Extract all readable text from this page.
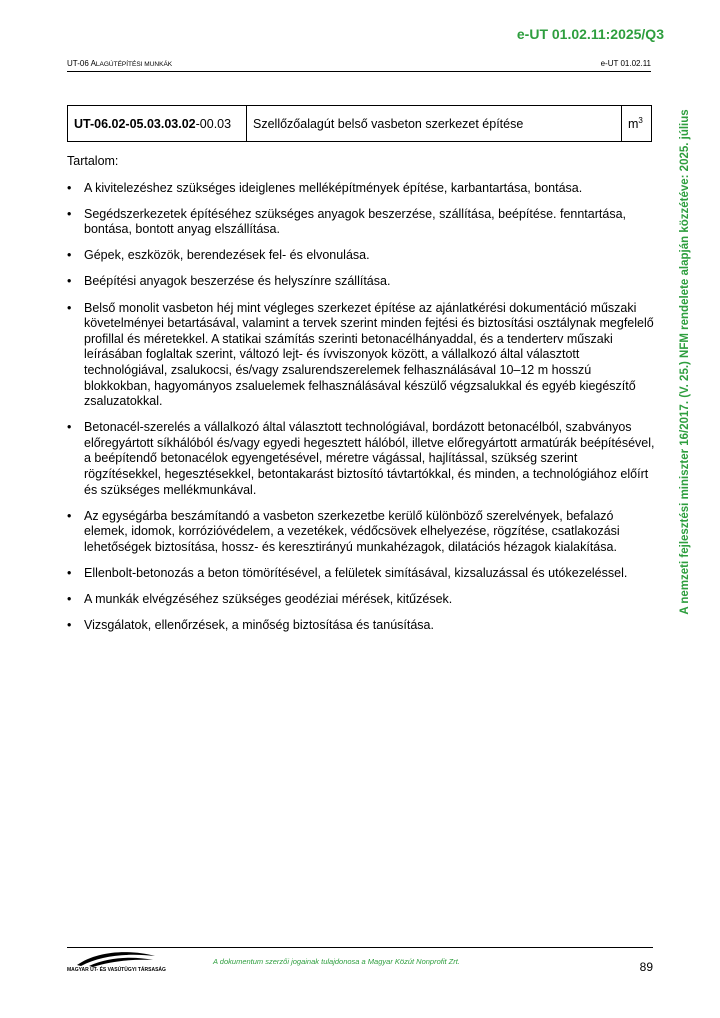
e-UT 01.02.11:2025/Q3
UT-06 ALAGÚTÉPÍTÉSI MUNKÁK	e-UT 01.02.11
UT-06.02-05.03.03.02-00.03	Szellőzőalagút belső vasbeton szerkezet építése	$m^3$

Tartalom:

• A kivitelezéshez szükséges ideiglenes melléképítmények építése, karbantartása, bontása.
• Segédszerkezetek építéséhez szükséges anyagok beszerzése, szállítása, beépítése. fenntartása, bontása, bontott anyag elszállítása.
• Gépek, eszközök, berendezések fel- és elvonulása.
• Beépítési anyagok beszerzése és helyszínre szállítása.
• Belső monolit vasbeton héj mint végleges szerkezet építése az ajánlatkérési dokumentáció műszaki követelményei betartásával, valamint a tervek szerint minden fejtési és biztosítási osztálynak megfelelő profillal és méretekkel. A statikai számítás szerinti betonacélhányaddal, és a tenderterv műszaki leírásában foglaltak szerint, változó lejt- és ívviszonyok között, a vállalkozó által választott technológiával, zsalukocsi, és/vagy zsalurendszerelemek felhasználásával 10–12 m hosszú blokkokban, hagyományos zsaluelemek felhasználásával készülő végzsalukkal és egyéb kiegészítő zsaluzatokkal.
• Betonacél-szerelés a vállalkozó által választott technológiával, bordázott betonacélból, szabványos előregyártott síkhálóból és/vagy egyedi hegesztett hálóból, illetve előregyártott armatúrák beépítésével, a beépítendő betonacélok egyengetésével, méretre vágással, hajlítással, szükség szerint rögzítésekkel, hegesztésekkel, betontakarást biztosító távtartókkal, és minden, a technológiához előírt és szükséges mellékmunkával.
• Az egységárba beszámítandó a vasbeton szerkezetbe kerülő különböző szerelvények, befalazó elemek, idomok, korrózióvédelem, a vezetékek, védőcsövek elhelyezése, rögzítése, csatlakozási lehetőségek biztosítása, hossz- és keresztirányú munkahézagok, dilatációs hézagok kialakítása.
• Ellenbolt-betonozás a beton tömörítésével, a felületek simításával, kizsaluzással és utókezeléssel.
• A munkák elvégzéséhez szükséges geodéziai mérések, kitűzések.
• Vizsgálatok, ellenőrzések, a minőség biztosítása és tanúsítása.
A nemzeti fejlesztési miniszter 16/2017. (V. 25.) NFM rendelete alapján közzétéve: 2025. július
MAGYAR ÚT- ÉS VASÚTÜGYI TÁRSASÁG
A dokumentum szerzői jogainak tulajdonosa a Magyar Közút Nonprofit Zrt.	89
